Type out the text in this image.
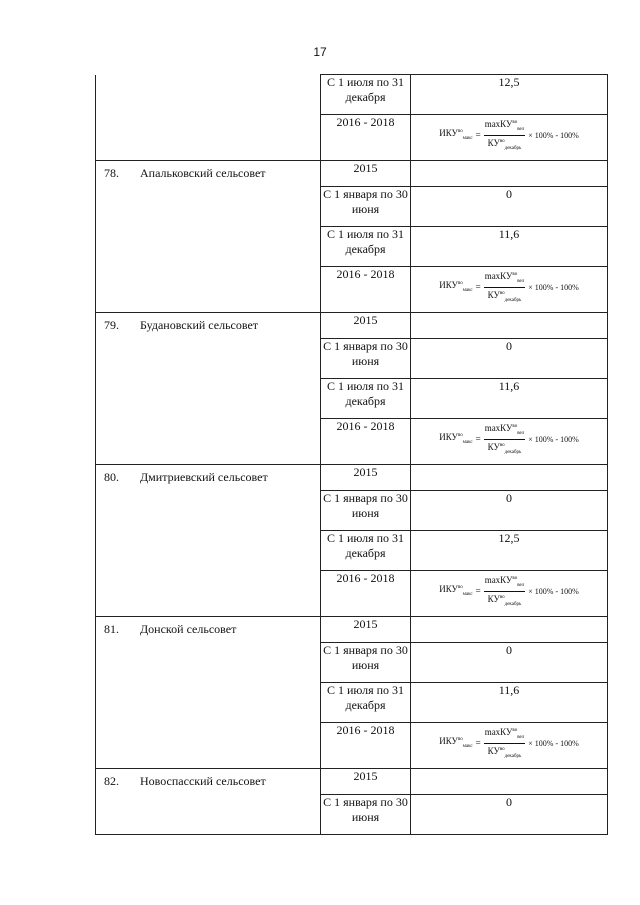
17
	С 1 июля по 31 декабря	12,5
	2016 - 2018	$ИКУ^{во}_{макс} = \frac{\max КУ^{во}_{вел}}{КУ^{во}_{декабрь}} \times 100\% - 100\%$

78. Апальковский сельсовет	2015	
	С 1 января по 30 июня	0
	С 1 июля по 31 декабря	11,6
	2016 - 2018	$ИКУ^{во}_{макс} = \frac{\max КУ^{во}_{вел}}{КУ^{во}_{декабрь}} \times 100\% - 100\%$

79. Будановский сельсовет	2015	
	С 1 января по 30 июня	0
	С 1 июля по 31 декабря	11,6
	2016 - 2018	$ИКУ^{во}_{макс} = \frac{\max КУ^{во}_{вел}}{КУ^{во}_{декабрь}} \times 100\% - 100\%$

80. Дмитриевский сельсовет	2015	
	С 1 января по 30 июня	0
	С 1 июля по 31 декабря	12,5
	2016 - 2018	$ИКУ^{во}_{макс} = \frac{\max КУ^{во}_{вел}}{КУ^{во}_{декабрь}} \times 100\% - 100\%$

81. Донской сельсовет	2015	
	С 1 января по 30 июня	0
	С 1 июля по 31 декабря	11,6
	2016 - 2018	$ИКУ^{во}_{макс} = \frac{\max КУ^{во}_{вел}}{КУ^{во}_{декабрь}} \times 100\% - 100\%$

82. Новоспасский сельсовет	2015	
	С 1 января по 30 июня	0
